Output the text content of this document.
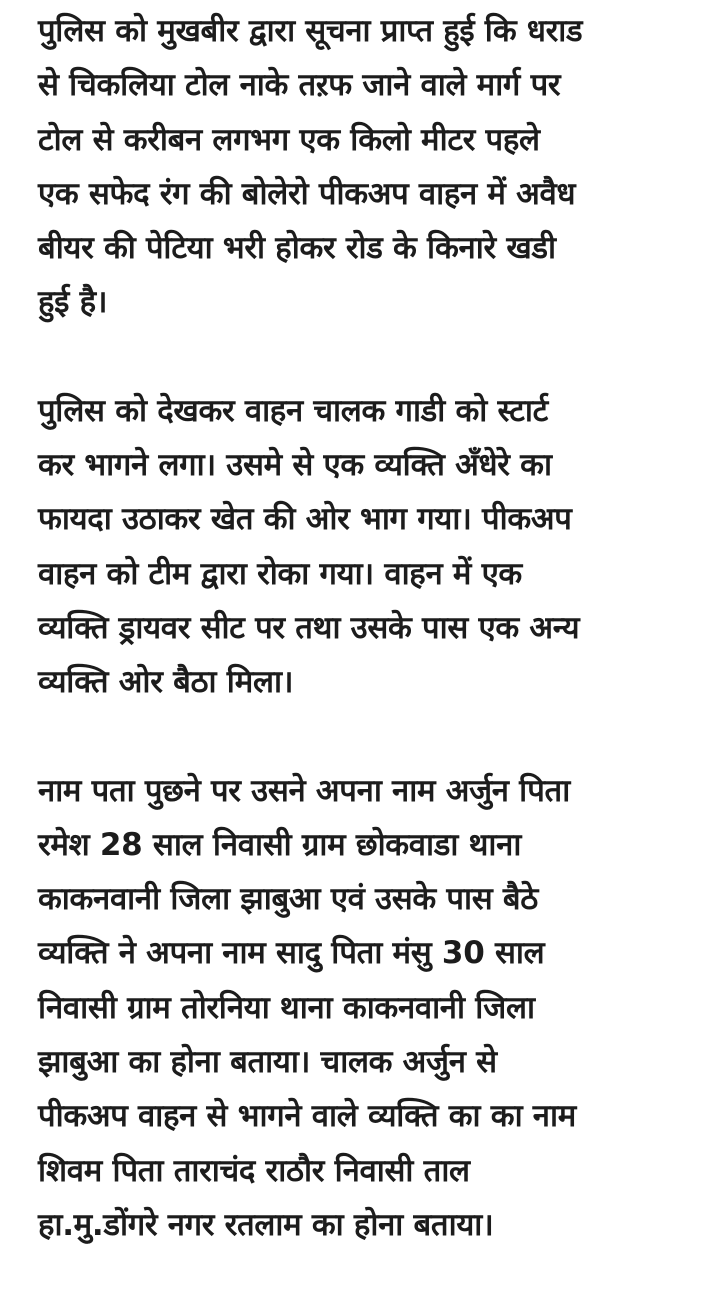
पुलिस को मुखबीर द्वारा सूचना प्राप्त हुई कि धराड
से चिकलिया टोल नाके तऱफ जाने वाले मार्ग पर
टोल से करीबन लगभग एक किलो मीटर पहले
एक सफेद रंग की बोलेरो पीकअप वाहन में अवैध
बीयर की पेटिया भरी होकर रोड के किनारे खडी
हुई है।

पुलिस को देखकर वाहन चालक गाडी को स्टार्ट
कर भागने लगा। उसमे से एक व्यक्ति अँधेरे का
फायदा उठाकर खेत की ओर भाग गया। पीकअप
वाहन को टीम द्वारा रोका गया। वाहन में एक
व्यक्ति ड्रायवर सीट पर तथा उसके पास एक अन्य
व्यक्ति ओर बैठा मिला।

नाम पता पुछने पर उसने अपना नाम अर्जुन पिता
रमेश 28 साल निवासी ग्राम छोकवाडा थाना
काकनवानी जिला झाबुआ एवं उसके पास बैठे
व्यक्ति ने अपना नाम सादु पिता मंसु 30 साल
निवासी ग्राम तोरनिया थाना काकनवानी जिला
झाबुआ का होना बताया। चालक अर्जुन से
पीकअप वाहन से भागने वाले व्यक्ति का का नाम
शिवम पिता ताराचंद राठौर निवासी ताल
हा.मु.डोंगरे नगर रतलाम का होना बताया।
